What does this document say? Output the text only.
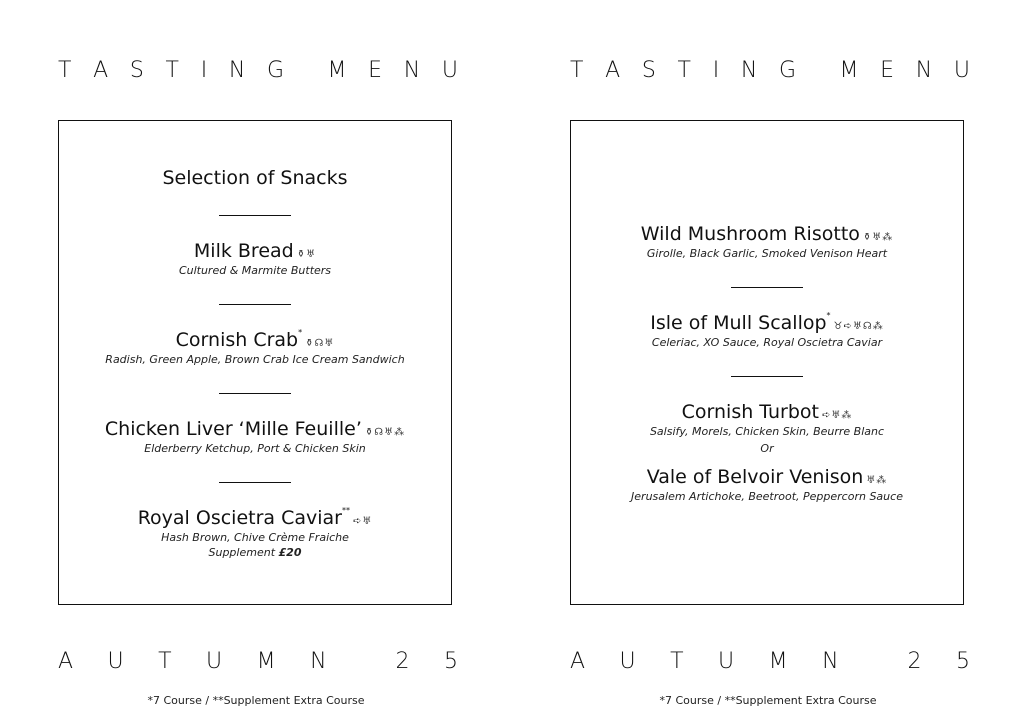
T A S T I N G M E N U
Selection of Snacks
Milk Bread ⚱♅
Cultured & Marmite Butters
Cornish Crab*⚱☊♅
Radish, Green Apple, Brown Crab Ice Cream Sandwich
Chicken Liver ‘Mille Feuille’ ⚱☊♅⁂
Elderberry Ketchup, Port & Chicken Skin
Royal Oscietra Caviar**➪♅
Hash Brown, Chive Crème Fraiche
Supplement £20
A U T U M N	2 5
*7 Course / **Supplement Extra Course
T A S T I N G M E N U
Wild Mushroom Risotto ⚱♅⁂
Girolle, Black Garlic, Smoked Venison Heart
Isle of Mull Scallop*♉➪♅☊⁂
Celeriac, XO Sauce, Royal Oscietra Caviar
Cornish Turbot ➪♅⁂
Salsify, Morels, Chicken Skin, Beurre Blanc
Or
Vale of Belvoir Venison ♅⁂
Jerusalem Artichoke, Beetroot, Peppercorn Sauce
A U T U M N	2 5
*7 Course / **Supplement Extra Course
